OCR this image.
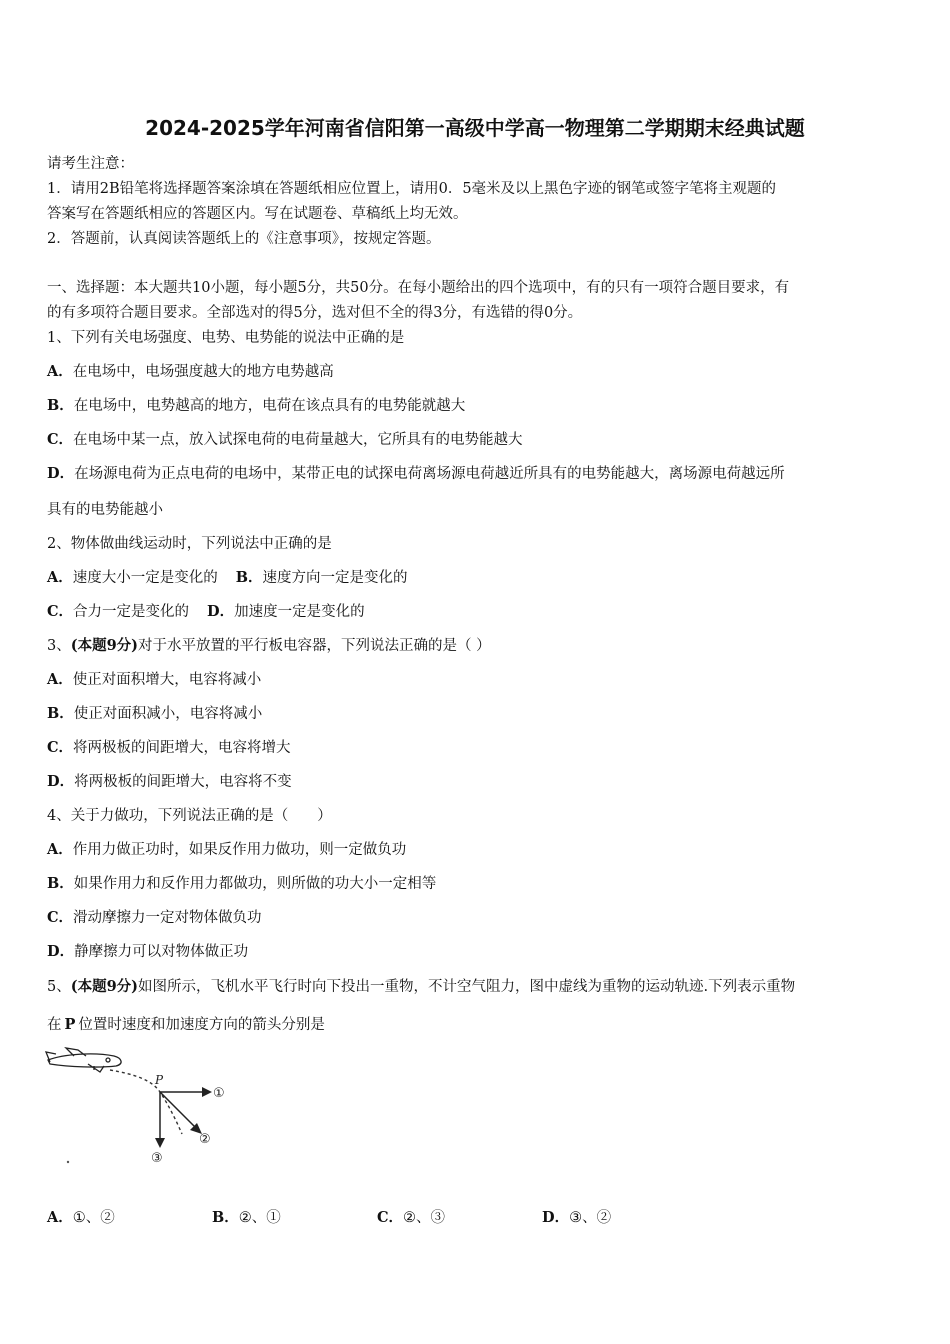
2024-2025学年河南省信阳第一高级中学高一物理第二学期期末经典试题
请考生注意：
1．请用2B铅笔将选择题答案涂填在答题纸相应位置上，请用0．5毫米及以上黑色字迹的钢笔或签字笔将主观题的
答案写在答题纸相应的答题区内。写在试题卷、草稿纸上均无效。
2．答题前，认真阅读答题纸上的《注意事项》，按规定答题。
一、选择题：本大题共10小题，每小题5分，共50分。在每小题给出的四个选项中，有的只有一项符合题目要求，有
的有多项符合题目要求。全部选对的得5分，选对但不全的得3分，有选错的得0分。
1、下列有关电场强度、电势、电势能的说法中正确的是
A．在电场中，电场强度越大的地方电势越高
B．在电场中，电势越高的地方，电荷在该点具有的电势能就越大
C．在电场中某一点，放入试探电荷的电荷量越大，它所具有的电势能越大
D．在场源电荷为正点电荷的电场中，某带正电的试探电荷离场源电荷越近所具有的电势能越大，离场源电荷越远所
具有的电势能越小
2、物体做曲线运动时，下列说法中正确的是
A．速度大小一定是变化的 B．速度方向一定是变化的
C．合力一定是变化的 D．加速度一定是变化的
3、(本题9分)对于水平放置的平行板电容器，下列说法正确的是（ ）
A．使正对面积增大，电容将减小
B．使正对面积减小，电容将减小
C．将两极板的间距增大，电容将增大
D．将两极板的间距增大，电容将不变
4、关于力做功，下列说法正确的是（　　）
A．作用力做正功时，如果反作用力做功，则一定做负功
B．如果作用力和反作用力都做功，则所做的功大小一定相等
C．滑动摩擦力一定对物体做负功
D．静摩擦力可以对物体做正功
5、(本题9分)如图所示，飞机水平飞行时向下投出一重物，不计空气阻力，图中虚线为重物的运动轨迹.下列表示重物
在 P 位置时速度和加速度方向的箭头分别是
P
①
②
③
A．①、②	B．②、①	C．②、③	D．③、②
